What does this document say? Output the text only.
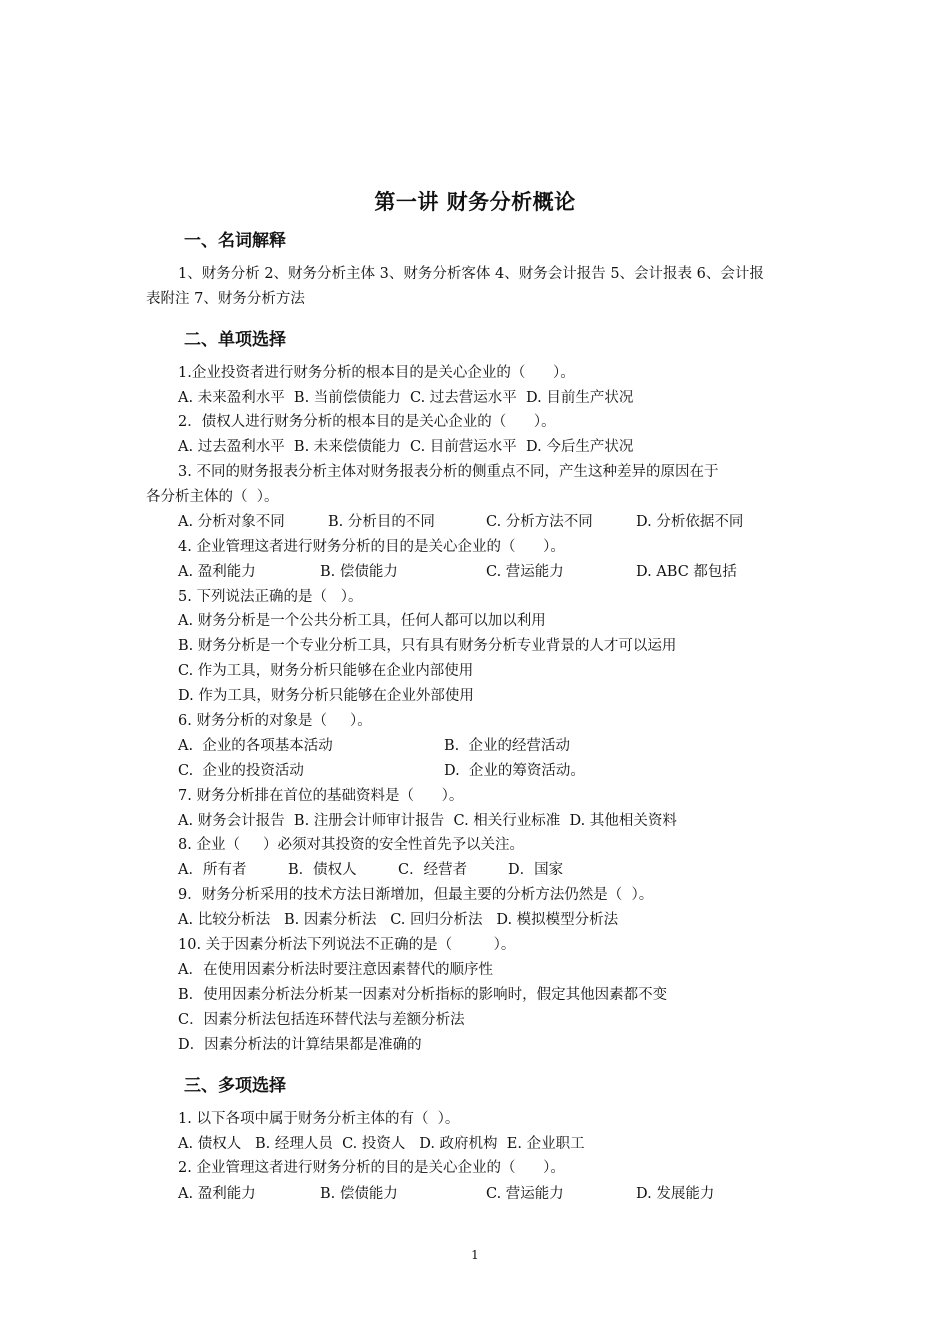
第一讲 财务分析概论
一、名词解释
1、财务分析 2、财务分析主体 3、财务分析客体 4、财务会计报告 5、会计报表 6、会计报
表附注 7、财务分析方法
二、单项选择
1.企业投资者进行财务分析的根本目的是关心企业的（      ）。
A. 未来盈利水平  B. 当前偿债能力  C. 过去营运水平  D. 目前生产状况
2．债权人进行财务分析的根本目的是关心企业的（      ）。
A. 过去盈利水平  B. 未来偿债能力  C. 目前营运水平  D. 今后生产状况
3. 不同的财务报表分析主体对财务报表分析的侧重点不同，产生这种差异的原因在于
各分析主体的（  ）。

A. 分析对象不同

	B. 分析目的不同

	C. 分析方法不同

	D. 分析依据不同

4. 企业管理这者进行财务分析的目的是关心企业的（      ）。

A. 盈利能力

	B. 偿债能力

	C. 营运能力

	D. ABC 都包括

5. 下列说法正确的是（   ）。
A. 财务分析是一个公共分析工具，任何人都可以加以利用
B. 财务分析是一个专业分析工具，只有具有财务分析专业背景的人才可以运用
C. 作为工具，财务分析只能够在企业内部使用
D. 作为工具，财务分析只能够在企业外部使用
6. 财务分析的对象是（     ）。

A.  企业的各项基本活动

	B.  企业的经营活动

C.  企业的投资活动

	D.  企业的筹资活动。

7. 财务分析排在首位的基础资料是（      ）。
A. 财务会计报告  B. 注册会计师审计报告  C. 相关行业标准  D. 其他相关资料
8. 企业（     ）必须对其投资的安全性首先予以关注。

A．所有者

	B．债权人

	C．经营者

	D．国家

9．财务分析采用的技术方法日渐增加，但最主要的分析方法仍然是（  ）。
A. 比较分析法   B. 因素分析法   C. 回归分析法   D. 模拟模型分析法
10. 关于因素分析法下列说法不正确的是（         ）。
A．在使用因素分析法时要注意因素替代的顺序性
B．使用因素分析法分析某一因素对分析指标的影响时，假定其他因素都不变
C．因素分析法包括连环替代法与差额分析法
D．因素分析法的计算结果都是准确的
三、多项选择
1. 以下各项中属于财务分析主体的有（  ）。
A. 债权人   B. 经理人员  C. 投资人   D. 政府机构  E. 企业职工
2. 企业管理这者进行财务分析的目的是关心企业的（      ）。

A. 盈利能力

	B. 偿债能力

	C. 营运能力

	D. 发展能力

1
